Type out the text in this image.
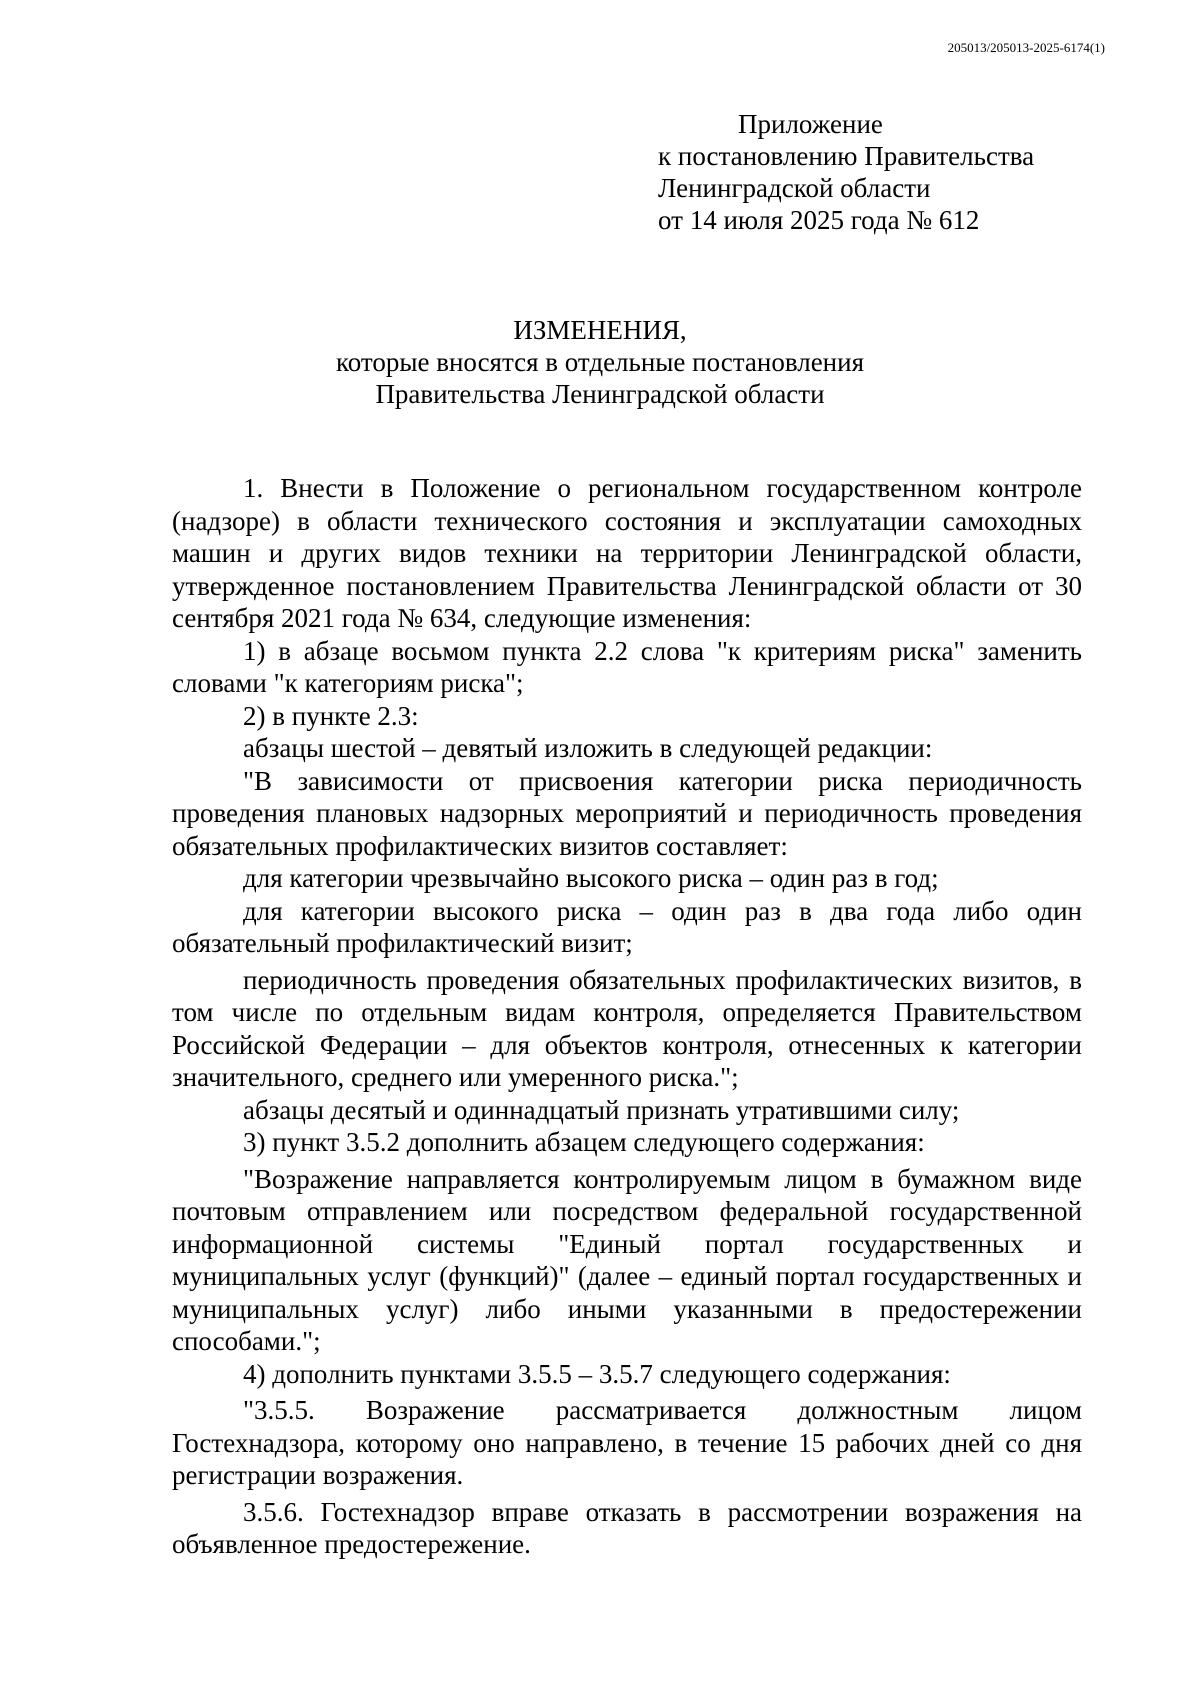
205013/205013-2025-6174(1)
Приложение
к постановлению Правительства
Ленинградской области
от 14 июля 2025 года № 612
ИЗМЕНЕНИЯ,
которые вносятся в отдельные постановления
Правительства Ленинградской области

1. Внести в Положение о региональном государственном контроле (надзоре) в области технического состояния и эксплуатации самоходных машин и других видов техники на территории Ленинградской области, утвержденное постановлением Правительства Ленинградской области от 30 сентября 2021 года № 634, следующие изменения:

1) в абзаце восьмом пункта 2.2 слова "к критериям риска" заменить словами "к категориям риска";

2) в пункте 2.3:

абзацы шестой – девятый изложить в следующей редакции:

"В зависимости от присвоения категории риска периодичность проведения плановых надзорных мероприятий и периодичность проведения обязательных профилактических визитов составляет:

для категории чрезвычайно высокого риска – один раз в год;

для категории высокого риска – один раз в два года либо один обязательный профилактический визит;

периодичность проведения обязательных профилактических визитов, в том числе по отдельным видам контроля, определяется Правительством Российской Федерации – для объектов контроля, отнесенных к категории значительного, среднего или умеренного риска.";

абзацы десятый и одиннадцатый признать утратившими силу;

3) пункт 3.5.2 дополнить абзацем следующего содержания:

"Возражение направляется контролируемым лицом в бумажном виде почтовым отправлением или посредством федеральной государственной информационной системы "Единый портал государственных и муниципальных услуг (функций)" (далее – единый портал государственных и муниципальных услуг) либо иными указанными в предостережении способами.";

4) дополнить пунктами 3.5.5 – 3.5.7 следующего содержания:

"3.5.5. Возражение рассматривается должностным лицом Гостехнадзора, которому оно направлено, в течение 15 рабочих дней со дня регистрации возражения.

3.5.6. Гостехнадзор вправе отказать в рассмотрении возражения на объявленное предостережение.
